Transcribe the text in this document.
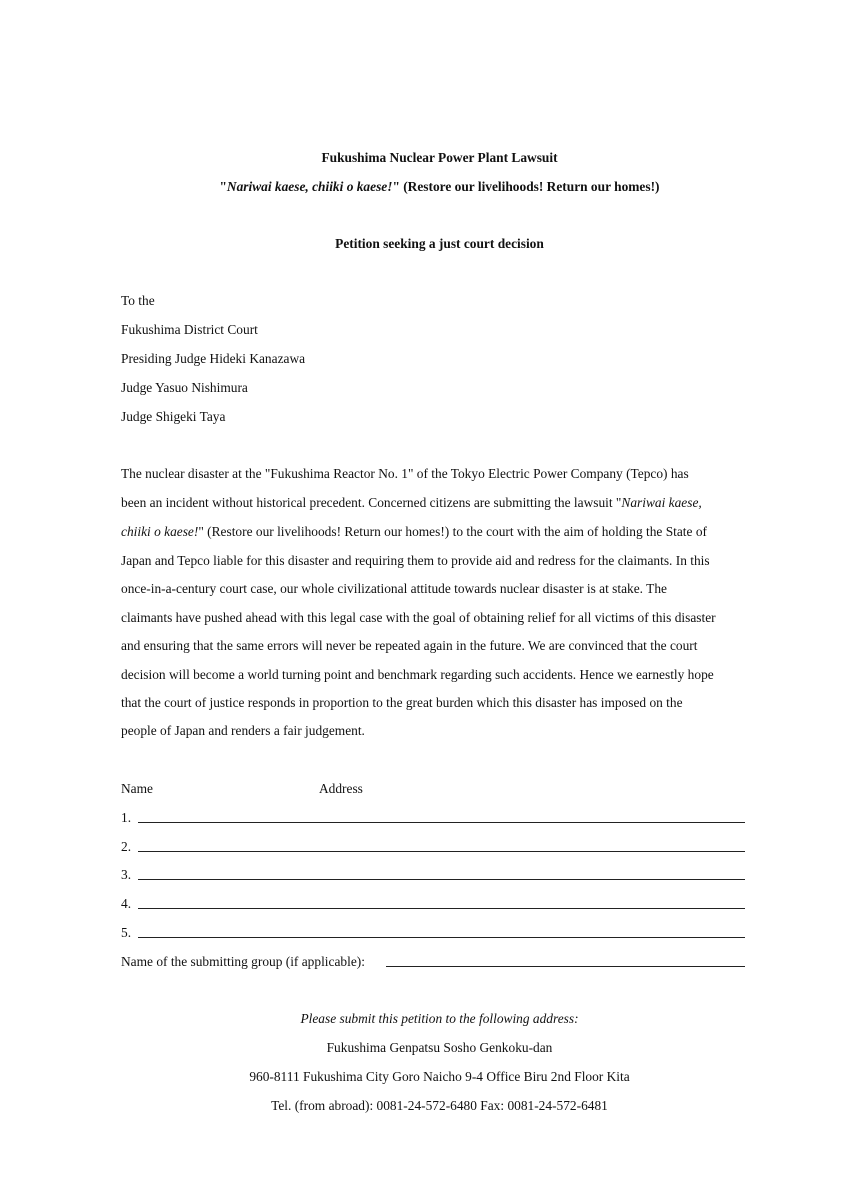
Fukushima Nuclear Power Plant Lawsuit
"Nariwai kaese, chiiki o kaese!" (Restore our livelihoods! Return our homes!)
Petition seeking a just court decision
To the
Fukushima District Court
Presiding Judge Hideki Kanazawa
Judge Yasuo Nishimura
Judge Shigeki Taya
The nuclear disaster at the "Fukushima Reactor No. 1" of the Tokyo Electric Power Company (Tepco) has
been an incident without historical precedent. Concerned citizens are submitting the lawsuit "Nariwai kaese,
chiiki o kaese!" (Restore our livelihoods! Return our homes!) to the court with the aim of holding the State of
Japan and Tepco liable for this disaster and requiring them to provide aid and redress for the claimants. In this
once-in-a-century court case, our whole civilizational attitude towards nuclear disaster is at stake. The
claimants have pushed ahead with this legal case with the goal of obtaining relief for all victims of this disaster
and ensuring that the same errors will never be repeated again in the future. We are convinced that the court
decision will become a world turning point and benchmark regarding such accidents. Hence we earnestly hope
that the court of justice responds in proportion to the great burden which this disaster has imposed on the
people of Japan and renders a fair judgement.
Name	Address
1.
2.
3.
4.
5.
Name of the submitting group (if applicable):
Please submit this petition to the following address:
Fukushima Genpatsu Sosho Genkoku-dan
960-8111 Fukushima City Goro Naicho 9-4 Office Biru 2nd Floor Kita
Tel. (from abroad): 0081-24-572-6480 Fax: 0081-24-572-6481
